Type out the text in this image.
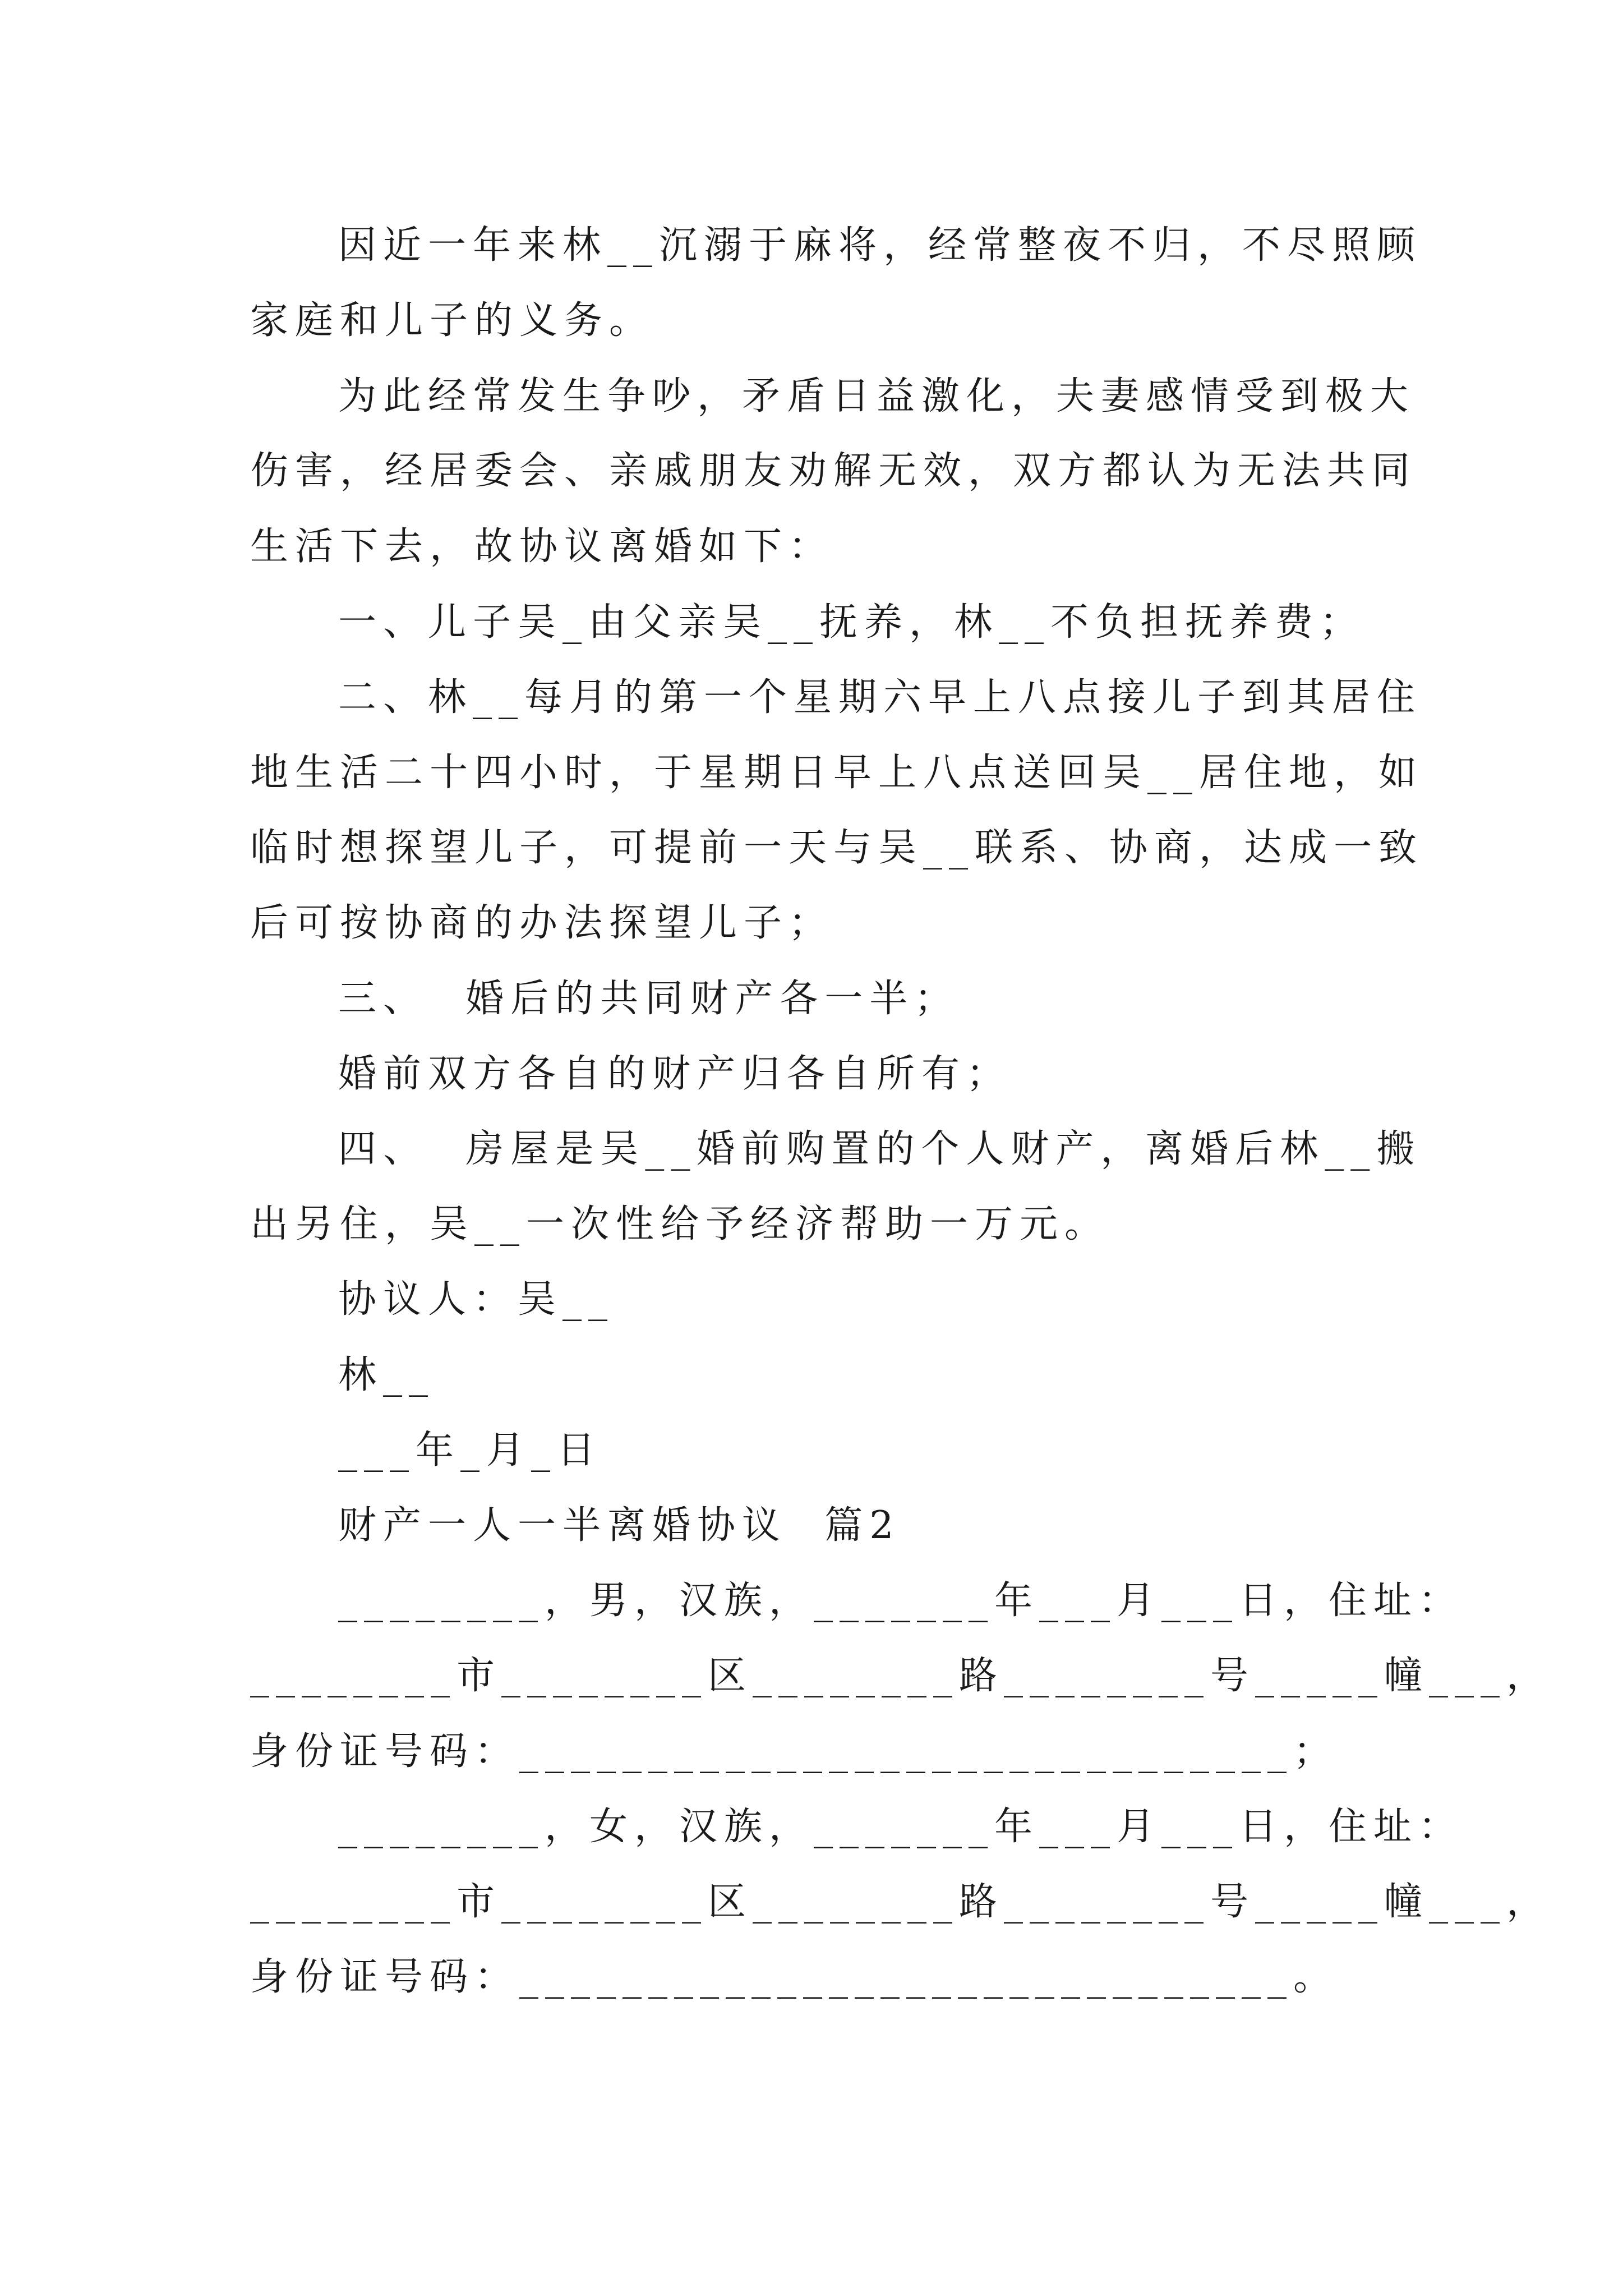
因近一年来林__沉溺于麻将，经常整夜不归，不尽照顾
家庭和儿子的义务。
为此经常发生争吵，矛盾日益激化，夫妻感情受到极大
伤害，经居委会、亲戚朋友劝解无效，双方都认为无法共同
生活下去，故协议离婚如下：
一、儿子吴_由父亲吴__抚养，林__不负担抚养费；
二、林__每月的第一个星期六早上八点接儿子到其居住
地生活二十四小时，于星期日早上八点送回吴__居住地，如
临时想探望儿子，可提前一天与吴__联系、协商，达成一致
后可按协商的办法探望儿子；
三、  婚后的共同财产各一半；
婚前双方各自的财产归各自所有；
四、  房屋是吴__婚前购置的个人财产，离婚后林__搬
出另住，吴__一次性给予经济帮助一万元。
协议人：吴__
林__
___年_月_日
财产一人一半离婚协议  篇2
________，男，汉族，_______年___月___日，住址：
________市________区________路________号_____幢___，
身份证号码：______________________________；
________，女，汉族，_______年___月___日，住址：
________市________区________路________号_____幢___，
身份证号码：______________________________。
